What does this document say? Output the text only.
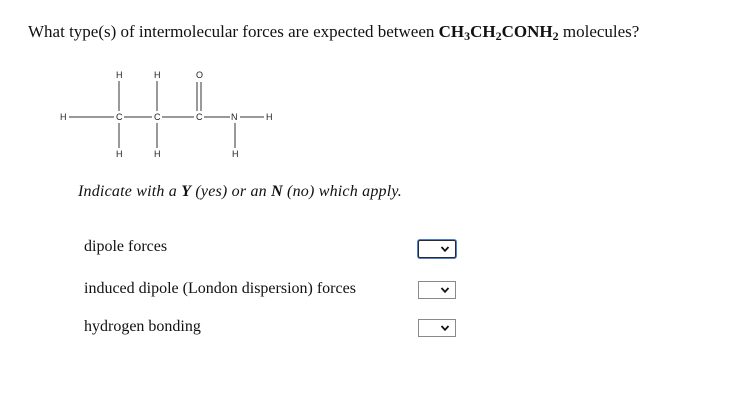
What type(s) of intermolecular forces are expected between $CH_3CH_2CONH_2$ molecules?
H	H	O
H	C	C	C	N	H
H	H	H
Indicate with a Y (yes) or an N (no) which apply.
dipole forces
induced dipole (London dispersion) forces
hydrogen bonding
